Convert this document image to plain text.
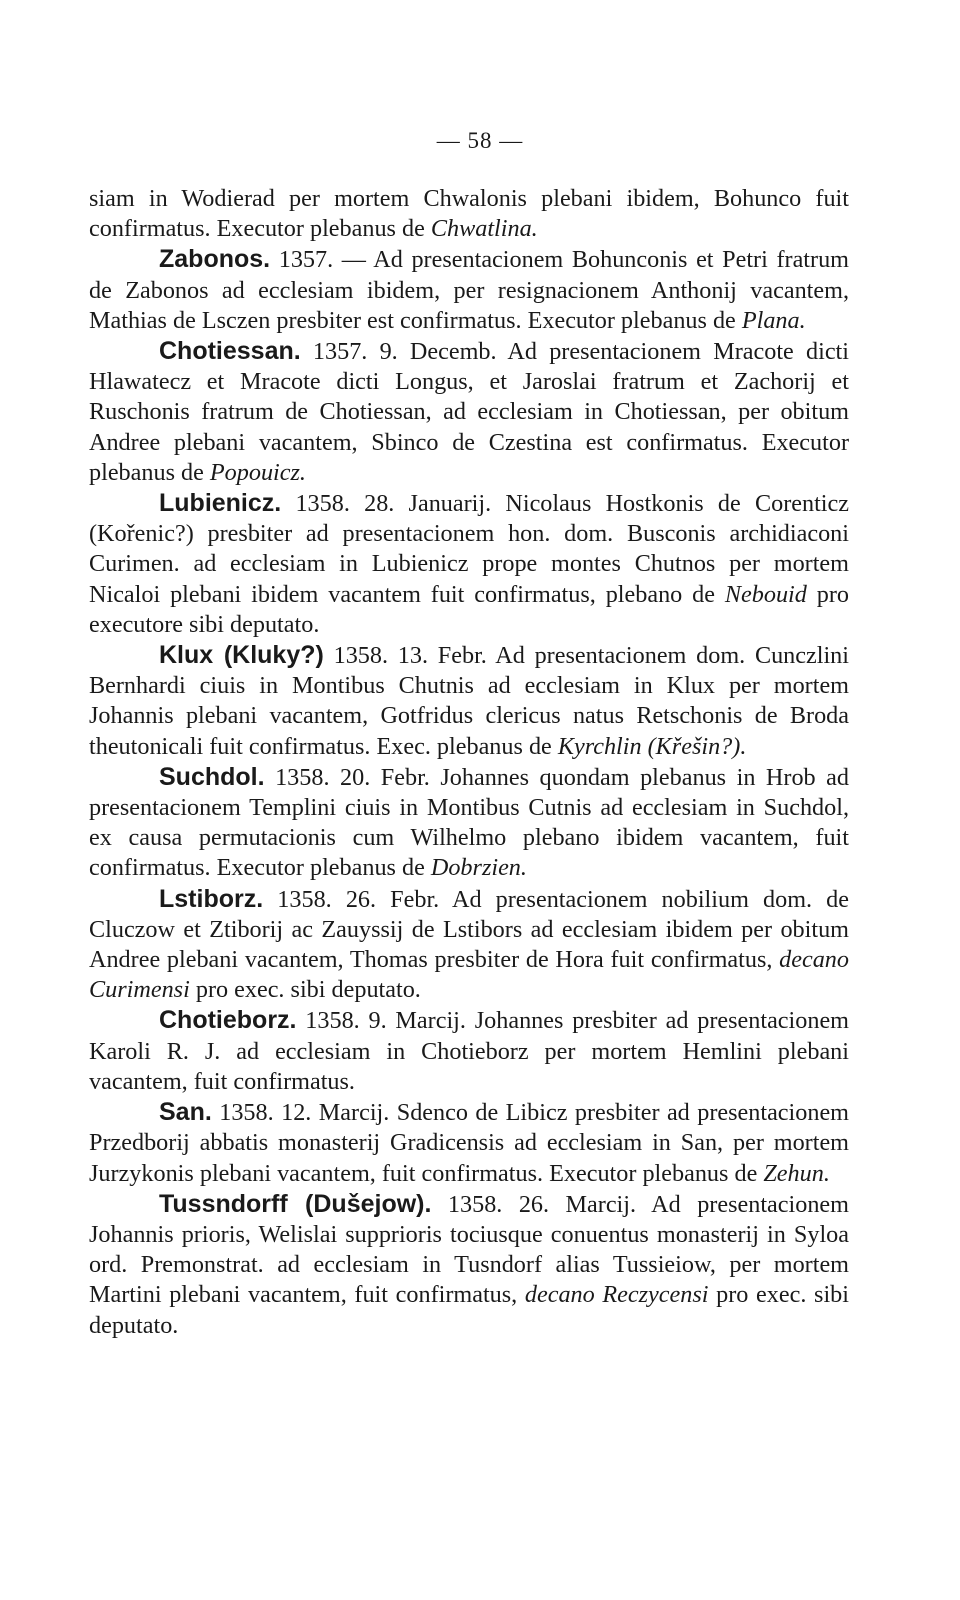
— 58 —

siam in Wodierad per mortem Chwalonis plebani ibidem, Bohunco fuit confirmatus. Executor plebanus de Chwatlina.

Zabonos. 1357. — Ad presentacionem Bohunconis et Petri fratrum de Zabonos ad ecclesiam ibidem, per resignacionem Anthonij vacantem, Mathias de Lsczen presbiter est confirmatus. Executor plebanus de Plana.

Chotiessan. 1357. 9. Decemb. Ad presentacionem Mracote dicti Hlawatecz et Mracote dicti Longus, et Jaroslai fratrum et Zachorij et Ruschonis fratrum de Chotiessan, ad ecclesiam in Chotiessan, per obitum Andree plebani vacantem, Sbinco de Czestina est confirmatus. Executor plebanus de Popouicz.

Lubienicz. 1358. 28. Januarij. Nicolaus Hostkonis de Corenticz (Kořenic?) presbiter ad presentacionem hon. dom. Busconis archidiaconi Curimen. ad ecclesiam in Lubienicz prope montes Chutnos per mortem Nicaloi plebani ibidem vacantem fuit confirmatus, plebano de Nebouid pro executore sibi deputato.

Klux (Kluky?) 1358. 13. Febr. Ad presentacionem dom. Cunczlini Bernhardi ciuis in Montibus Chutnis ad ecclesiam in Klux per mortem Johannis plebani vacantem, Gotfridus clericus natus Retschonis de Broda theutonicali fuit confirmatus. Exec. plebanus de Kyrchlin (Křešin?).

Suchdol. 1358. 20. Febr. Johannes quondam plebanus in Hrob ad presentacionem Templini ciuis in Montibus Cutnis ad ecclesiam in Suchdol, ex causa permutacionis cum Wilhelmo plebano ibidem vacantem, fuit confirmatus. Executor plebanus de Dobrzien.

Lstiborz. 1358. 26. Febr. Ad presentacionem nobilium dom. de Cluczow et Ztiborij ac Zauyssij de Lstibors ad ecclesiam ibidem per obitum Andree plebani vacantem, Thomas presbiter de Hora fuit confirmatus, decano Curimensi pro exec. sibi deputato.

Chotieborz. 1358. 9. Marcij. Johannes presbiter ad presentacionem Karoli R. J. ad ecclesiam in Chotieborz per mortem Hemlini plebani vacantem, fuit confirmatus.

San. 1358. 12. Marcij. Sdenco de Libicz presbiter ad presentacionem Przedborij abbatis monasterij Gradicensis ad ecclesiam in San, per mortem Jurzykonis plebani vacantem, fuit confirmatus. Executor plebanus de Zehun.

Tussndorff (Dušejow). 1358. 26. Marcij. Ad presentacionem Johannis prioris, Welislai supprioris tociusque conuentus monasterij in Syloa ord. Premonstrat. ad ecclesiam in Tusndorf alias Tussieiow, per mortem Martini plebani vacantem, fuit confirmatus, decano Reczycensi pro exec. sibi deputato.
